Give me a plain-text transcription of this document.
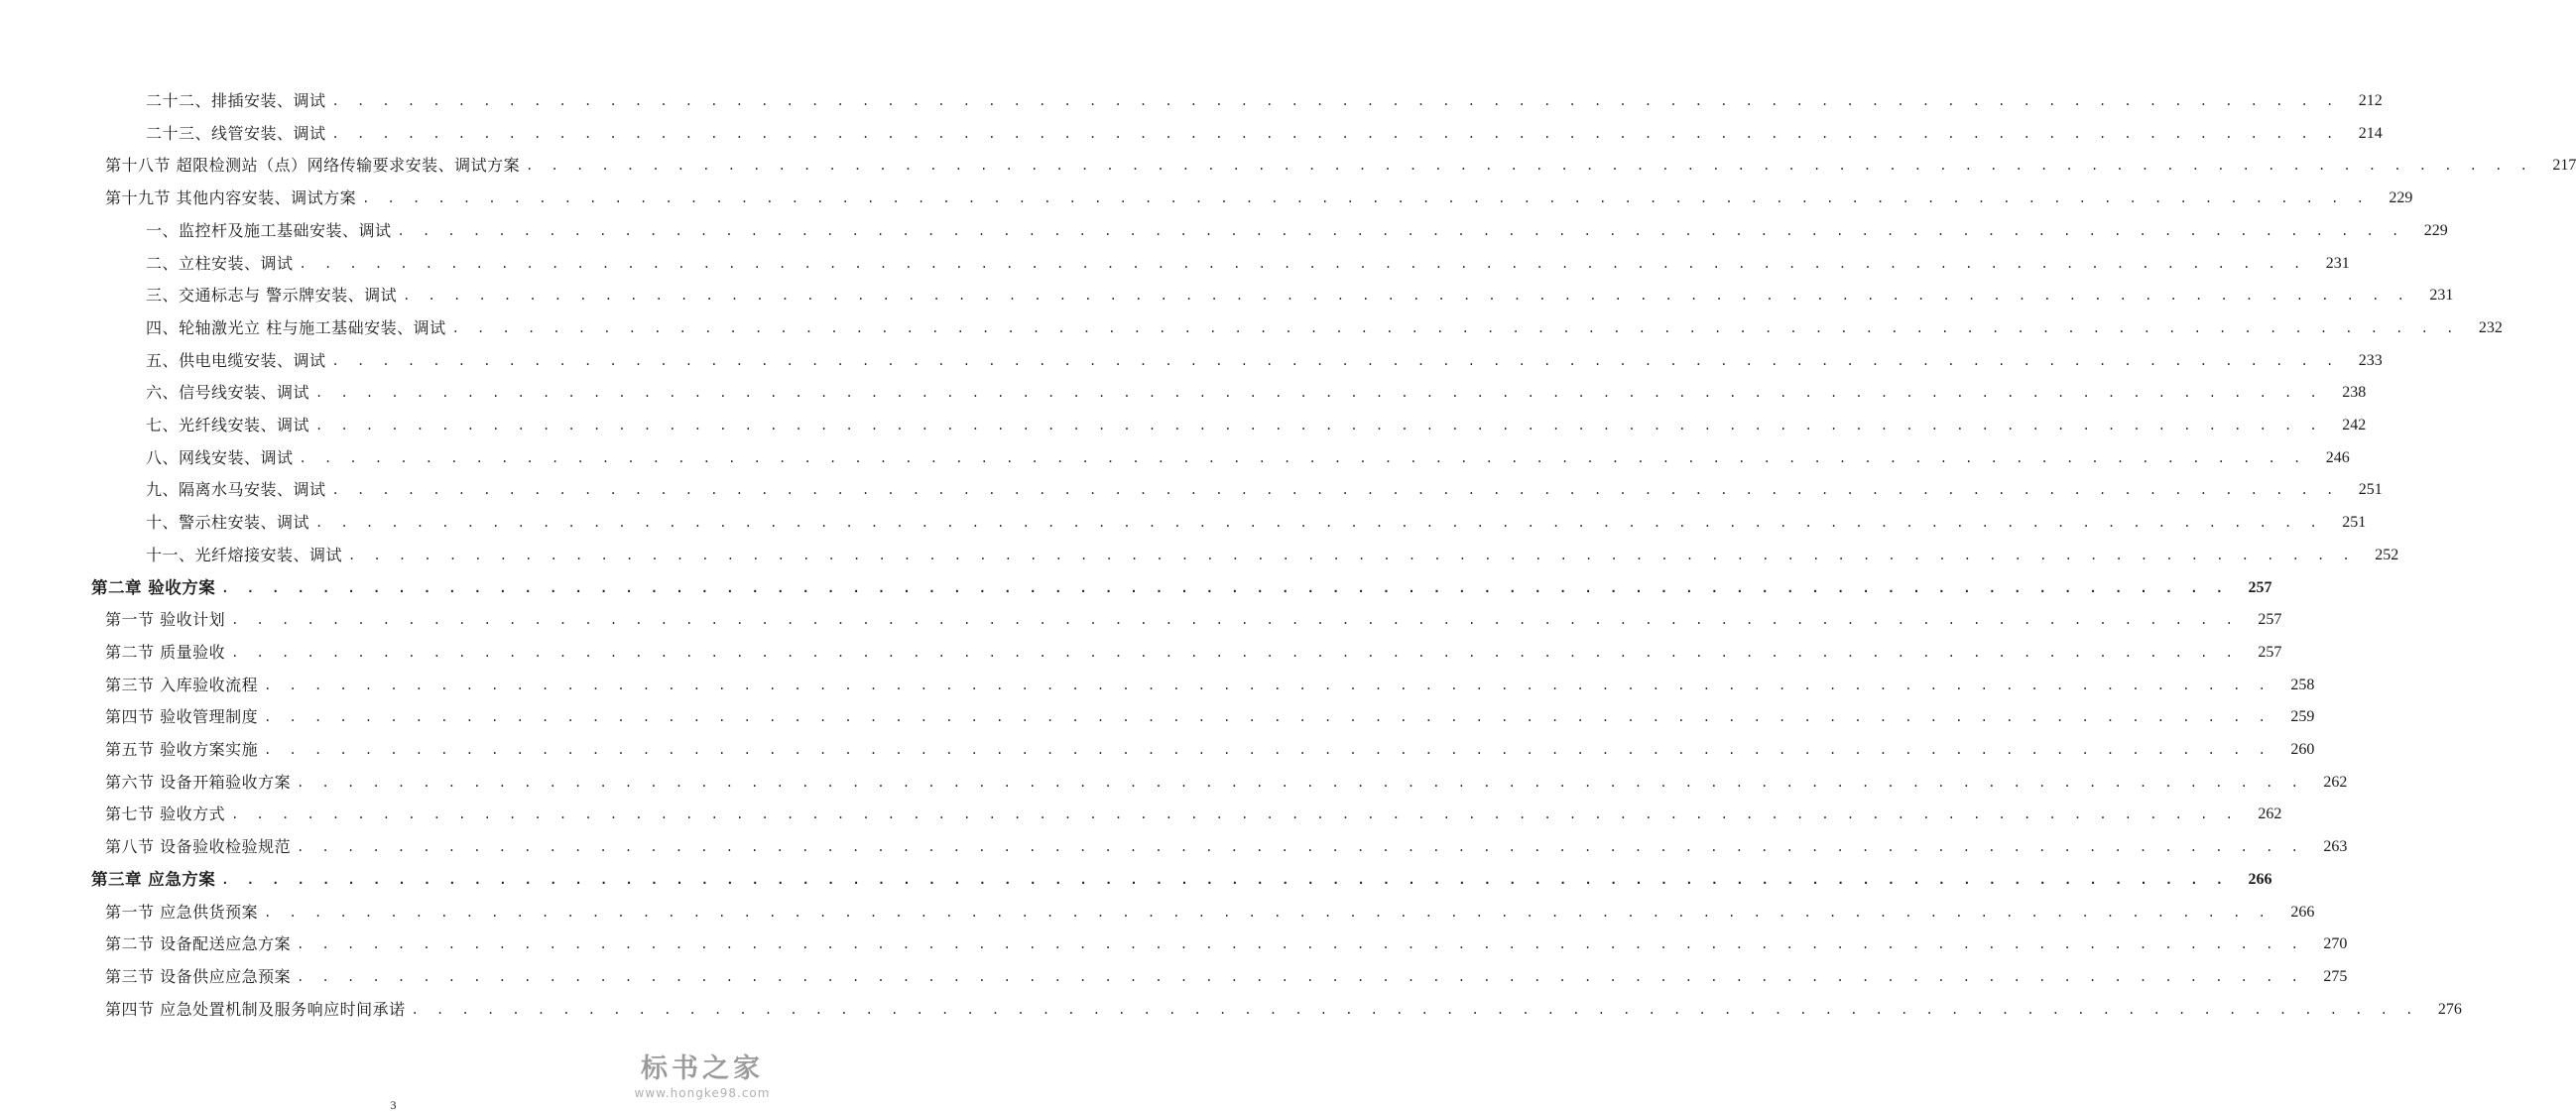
二十二、排插安装、调试 . . . . . . . . . . . . . . . . . . . . . . . . . . . . . . . . . . . . . . . . . . . . . . . . . . . . . . . . . . . . . . . . . . . . . . . . . . . . . . . .	212
二十三、线管安装、调试 . . . . . . . . . . . . . . . . . . . . . . . . . . . . . . . . . . . . . . . . . . . . . . . . . . . . . . . . . . . . . . . . . . . . . . . . . . . . . . . .	214
第十八节 超限检测站（点）网络传输要求安装、调试方案 . . . . . . . . . . . . . . . . . . . . . . . . . . . . . . . . . . . . . . . . . . . . . . . . . . . . . . . . . . . . . . . . . . . . . . . . . . . . . . . .	217
第十九节 其他内容安装、调试方案 . . . . . . . . . . . . . . . . . . . . . . . . . . . . . . . . . . . . . . . . . . . . . . . . . . . . . . . . . . . . . . . . . . . . . . . . . . . . . . . .	229
一、监控杆及施工基础安装、调试 . . . . . . . . . . . . . . . . . . . . . . . . . . . . . . . . . . . . . . . . . . . . . . . . . . . . . . . . . . . . . . . . . . . . . . . . . . . . . . . .	229
二、立柱安装、调试 . . . . . . . . . . . . . . . . . . . . . . . . . . . . . . . . . . . . . . . . . . . . . . . . . . . . . . . . . . . . . . . . . . . . . . . . . . . . . . . .	231
三、交通标志与 警示牌安装、调试 . . . . . . . . . . . . . . . . . . . . . . . . . . . . . . . . . . . . . . . . . . . . . . . . . . . . . . . . . . . . . . . . . . . . . . . . . . . . . . . .	231
四、轮轴激光立 柱与施工基础安装、调试 . . . . . . . . . . . . . . . . . . . . . . . . . . . . . . . . . . . . . . . . . . . . . . . . . . . . . . . . . . . . . . . . . . . . . . . . . . . . . . . .	232
五、供电电缆安装、调试 . . . . . . . . . . . . . . . . . . . . . . . . . . . . . . . . . . . . . . . . . . . . . . . . . . . . . . . . . . . . . . . . . . . . . . . . . . . . . . . .	233
六、信号线安装、调试 . . . . . . . . . . . . . . . . . . . . . . . . . . . . . . . . . . . . . . . . . . . . . . . . . . . . . . . . . . . . . . . . . . . . . . . . . . . . . . . .	238
七、光纤线安装、调试 . . . . . . . . . . . . . . . . . . . . . . . . . . . . . . . . . . . . . . . . . . . . . . . . . . . . . . . . . . . . . . . . . . . . . . . . . . . . . . . .	242
八、网线安装、调试 . . . . . . . . . . . . . . . . . . . . . . . . . . . . . . . . . . . . . . . . . . . . . . . . . . . . . . . . . . . . . . . . . . . . . . . . . . . . . . . .	246
九、隔离水马安装、调试 . . . . . . . . . . . . . . . . . . . . . . . . . . . . . . . . . . . . . . . . . . . . . . . . . . . . . . . . . . . . . . . . . . . . . . . . . . . . . . . .	251
十、警示柱安装、调试 . . . . . . . . . . . . . . . . . . . . . . . . . . . . . . . . . . . . . . . . . . . . . . . . . . . . . . . . . . . . . . . . . . . . . . . . . . . . . . . .	251
十一、光纤熔接安装、调试 . . . . . . . . . . . . . . . . . . . . . . . . . . . . . . . . . . . . . . . . . . . . . . . . . . . . . . . . . . . . . . . . . . . . . . . . . . . . . . . .	252
第二章 验收方案 . . . . . . . . . . . . . . . . . . . . . . . . . . . . . . . . . . . . . . . . . . . . . . . . . . . . . . . . . . . . . . . . . . . . . . . . . . . . . . . .	257
第一节 验收计划 . . . . . . . . . . . . . . . . . . . . . . . . . . . . . . . . . . . . . . . . . . . . . . . . . . . . . . . . . . . . . . . . . . . . . . . . . . . . . . . .	257
第二节 质量验收 . . . . . . . . . . . . . . . . . . . . . . . . . . . . . . . . . . . . . . . . . . . . . . . . . . . . . . . . . . . . . . . . . . . . . . . . . . . . . . . .	257
第三节 入库验收流程 . . . . . . . . . . . . . . . . . . . . . . . . . . . . . . . . . . . . . . . . . . . . . . . . . . . . . . . . . . . . . . . . . . . . . . . . . . . . . . . .	258
第四节 验收管理制度 . . . . . . . . . . . . . . . . . . . . . . . . . . . . . . . . . . . . . . . . . . . . . . . . . . . . . . . . . . . . . . . . . . . . . . . . . . . . . . . .	259
第五节 验收方案实施 . . . . . . . . . . . . . . . . . . . . . . . . . . . . . . . . . . . . . . . . . . . . . . . . . . . . . . . . . . . . . . . . . . . . . . . . . . . . . . . .	260
第六节 设备开箱验收方案 . . . . . . . . . . . . . . . . . . . . . . . . . . . . . . . . . . . . . . . . . . . . . . . . . . . . . . . . . . . . . . . . . . . . . . . . . . . . . . . .	262
第七节 验收方式 . . . . . . . . . . . . . . . . . . . . . . . . . . . . . . . . . . . . . . . . . . . . . . . . . . . . . . . . . . . . . . . . . . . . . . . . . . . . . . . .	262
第八节 设备验收检验规范 . . . . . . . . . . . . . . . . . . . . . . . . . . . . . . . . . . . . . . . . . . . . . . . . . . . . . . . . . . . . . . . . . . . . . . . . . . . . . . . .	263
第三章 应急方案 . . . . . . . . . . . . . . . . . . . . . . . . . . . . . . . . . . . . . . . . . . . . . . . . . . . . . . . . . . . . . . . . . . . . . . . . . . . . . . . .	266
第一节 应急供货预案 . . . . . . . . . . . . . . . . . . . . . . . . . . . . . . . . . . . . . . . . . . . . . . . . . . . . . . . . . . . . . . . . . . . . . . . . . . . . . . . .	266
第二节 设备配送应急方案 . . . . . . . . . . . . . . . . . . . . . . . . . . . . . . . . . . . . . . . . . . . . . . . . . . . . . . . . . . . . . . . . . . . . . . . . . . . . . . . .	270
第三节 设备供应应急预案 . . . . . . . . . . . . . . . . . . . . . . . . . . . . . . . . . . . . . . . . . . . . . . . . . . . . . . . . . . . . . . . . . . . . . . . . . . . . . . . .	275
第四节 应急处置机制及服务响应时间承诺 . . . . . . . . . . . . . . . . . . . . . . . . . . . . . . . . . . . . . . . . . . . . . . . . . . . . . . . . . . . . . . . . . . . . . . . . . . . . . . . .	276
3
标书之家
www.hongke98.com
